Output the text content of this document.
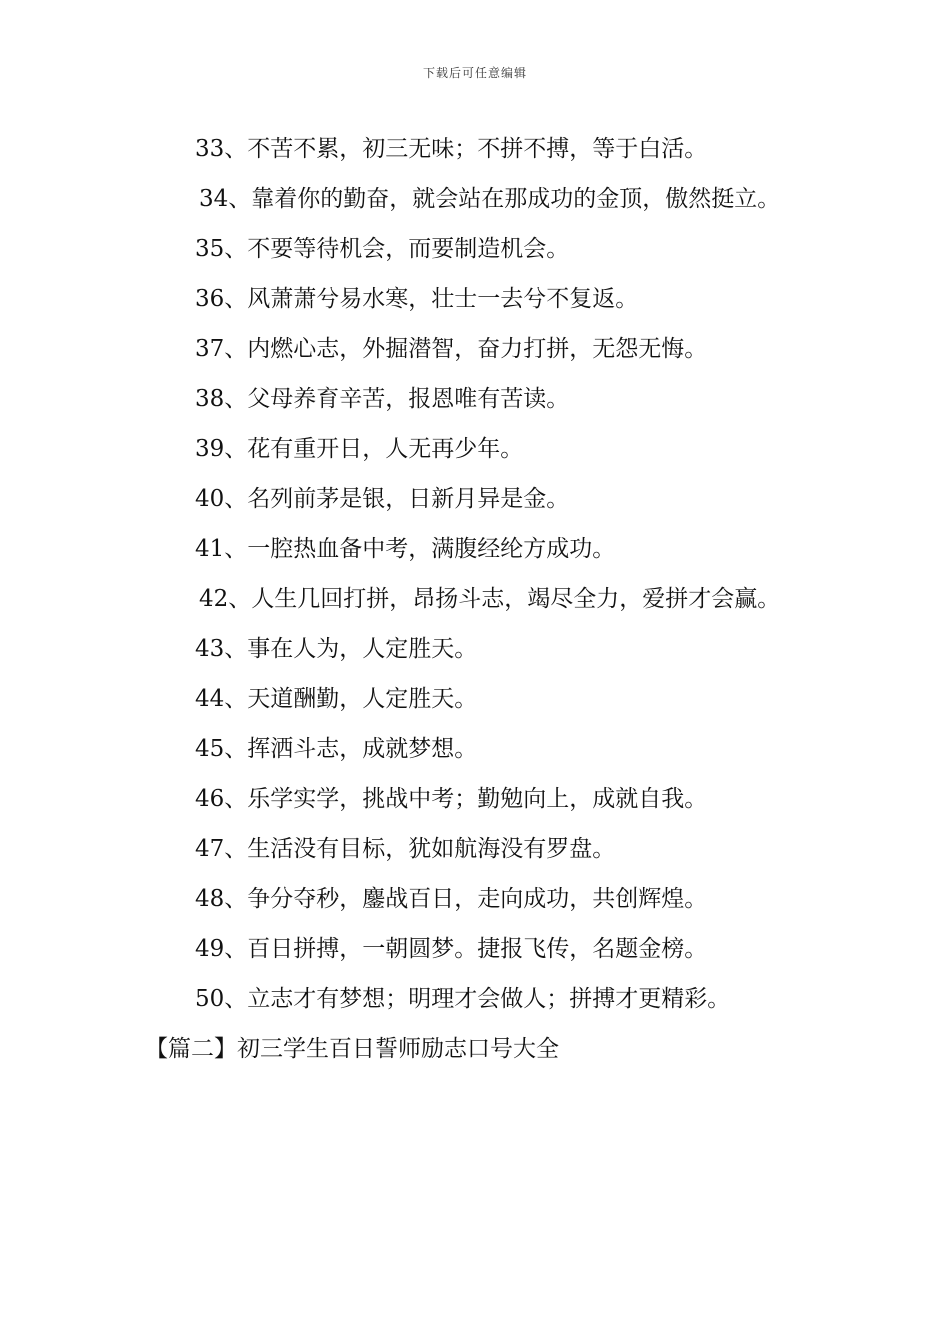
下载后可任意编辑
33、不苦不累，初三无味；不拼不搏，等于白活。
34、靠着你的勤奋，就会站在那成功的金顶，傲然挺立。
35、不要等待机会，而要制造机会。
36、风萧萧兮易水寒，壮士一去兮不复返。
37、内燃心志，外掘潜智，奋力打拼，无怨无悔。
38、父母养育辛苦，报恩唯有苦读。
39、花有重开日，人无再少年。
40、名列前茅是银，日新月异是金。
41、一腔热血备中考，满腹经纶方成功。
42、人生几回打拼，昂扬斗志，竭尽全力，爱拼才会赢。
43、事在人为，人定胜天。
44、天道酬勤，人定胜天。
45、挥洒斗志，成就梦想。
46、乐学实学，挑战中考；勤勉向上，成就自我。
47、生活没有目标，犹如航海没有罗盘。
48、争分夺秒，鏖战百日，走向成功，共创辉煌。
49、百日拼搏，一朝圆梦。捷报飞传，名题金榜。
50、立志才有梦想；明理才会做人；拼搏才更精彩。
【篇二】初三学生百日誓师励志口号大全
